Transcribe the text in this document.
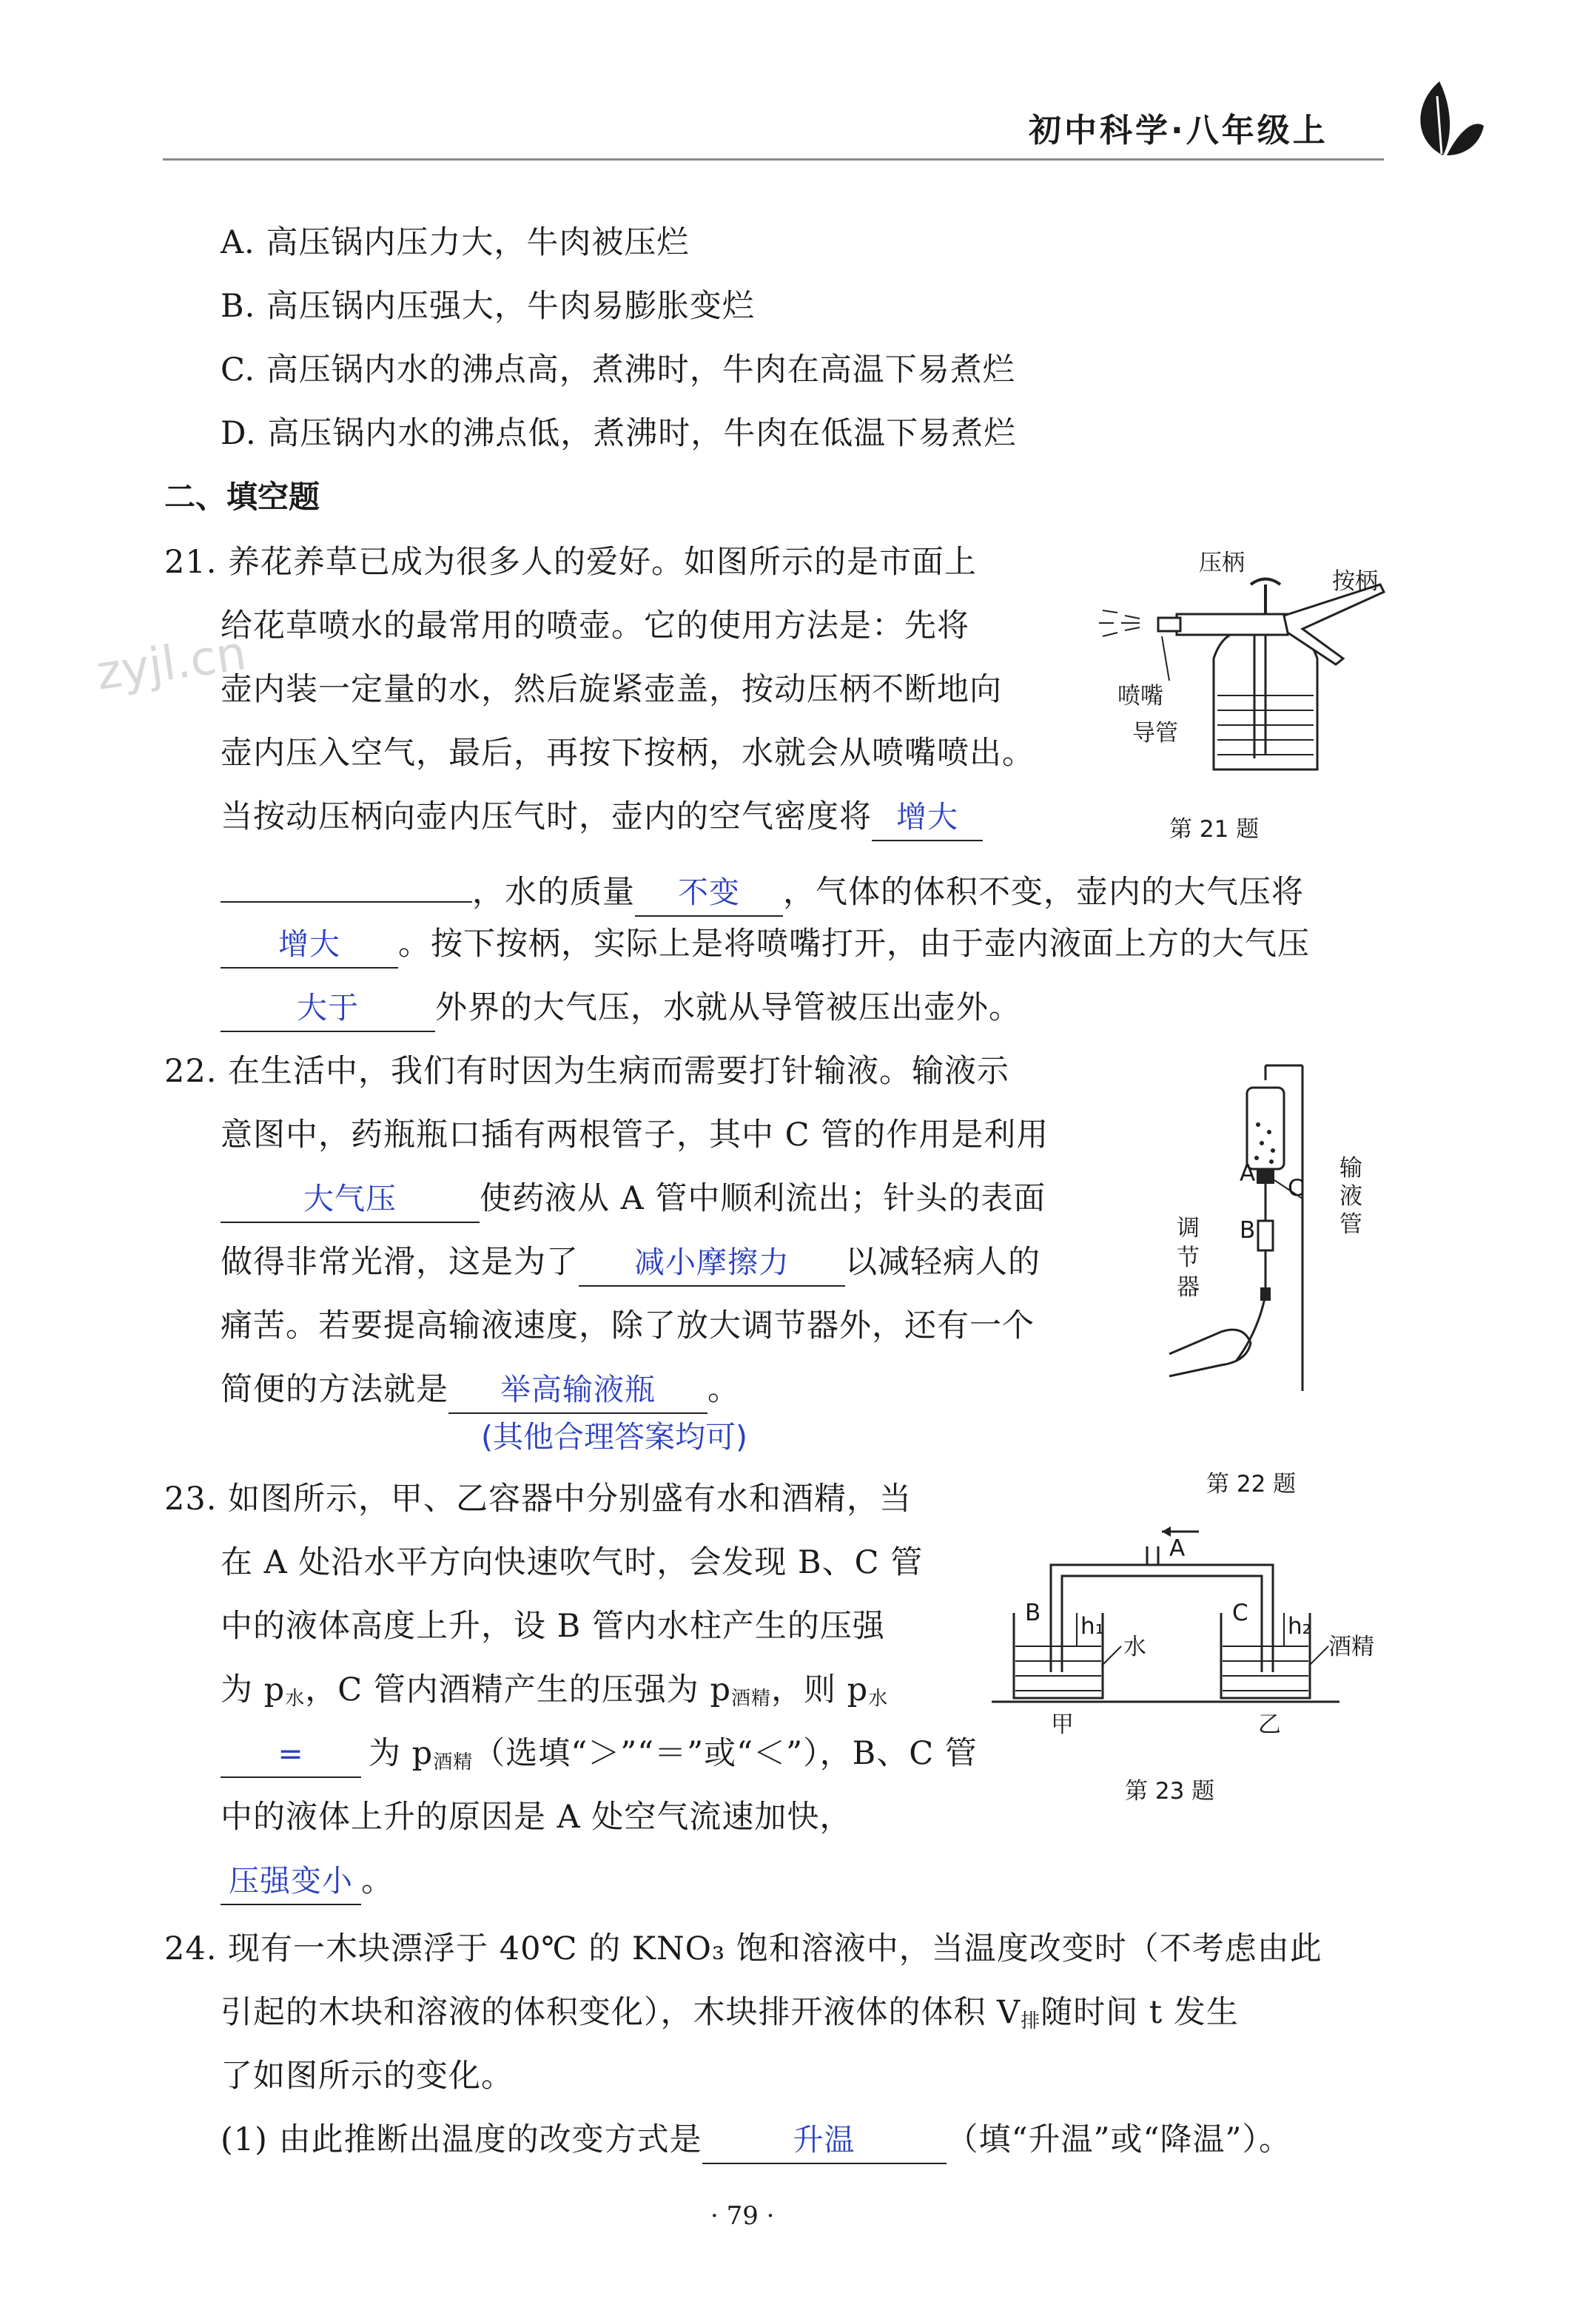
初中科学·八年级上
A. 高压锅内压力大，牛肉被压烂
B. 高压锅内压强大，牛肉易膨胀变烂
C. 高压锅内水的沸点高，煮沸时，牛肉在高温下易煮烂
D. 高压锅内水的沸点低，煮沸时，牛肉在低温下易煮烂
二、填空题
zyjl.cn
21. 养花养草已成为很多人的爱好。如图所示的是市面上
给花草喷水的最常用的喷壶。它的使用方法是：先将
壶内装一定量的水，然后旋紧壶盖，按动压柄不断地向
壶内压入空气，最后，再按下按柄，水就会从喷嘴喷出。
当按动压柄向壶内压气时，壶内的空气密度将 增大
，水的质量 不变 ，气体的体积不变，壶内的大气压将
增大 。按下按柄，实际上是将喷嘴打开，由于壶内液面上方的大气压
大于 外界的大气压，水就从导管被压出壶外。
压柄
按柄
喷嘴
导管
第 21 题
22. 在生活中，我们有时因为生病而需要打针输液。输液示
意图中，药瓶瓶口插有两根管子，其中 C 管的作用是利用
大气压	使药液从 A 管中顺利流出；针头的表面
做得非常光滑，这是为了 减小摩擦力 以减轻病人的
痛苦。若要提高输液速度，除了放大调节器外，还有一个
简便的方法就是 举高输液瓶 。
(其他合理答案均可)
A
C
B
输液管
调节器
第 22 题
23. 如图所示，甲、乙容器中分别盛有水和酒精，当
在 A 处沿水平方向快速吹气时，会发现 B、C 管
中的液体高度上升，设 B 管内水柱产生的压强
为 $p_水$，C 管内酒精产生的压强为 $p_{酒精}$，则 $p_水$
= 为 $p_{酒精}$（选填“＞”“＝”或“＜”），B、C 管
中的液体上升的原因是 A 处空气流速加快，
压强变小 。
A
B h₁
水
C h₂
酒精
甲	乙
第 23 题
24. 现有一木块漂浮于 40℃ 的 KNO₃ 饱和溶液中，当温度改变时（不考虑由此
引起的木块和溶液的体积变化），木块排开液体的体积 $V_排$随时间 t 发生
了如图所示的变化。
(1) 由此推断出温度的改变方式是	升温	（填“升温”或“降温”）。
· 79 ·
